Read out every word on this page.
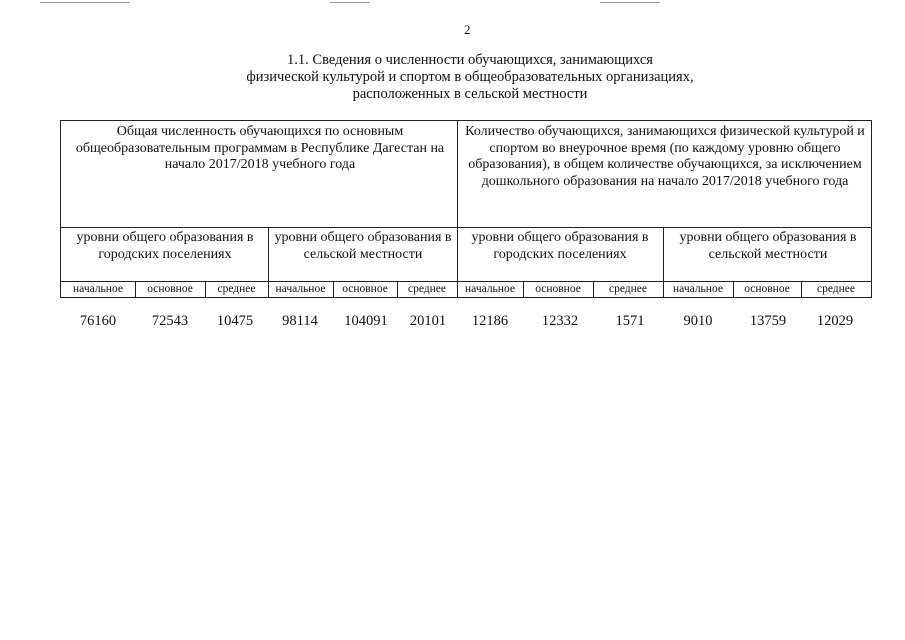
2
1.1. Сведения о численности обучающихся, занимающихся
физической культурой и спортом в общеобразовательных организациях,
расположенных в сельской местности
Общая численность обучающихся по основным общеобразовательным программам в Республике Дагестан на начало 2017/2018 учебного года
Количество обучающихся, занимающихся физической культурой и спортом во внеурочное время (по каждому уровню общего образования), в общем количестве обучающихся, за исключением дошкольного образования на начало 2017/2018 учебного года
уровни общего образования в городских поселениях
уровни общего образования в сельской местности
уровни общего образования в городских поселениях
уровни общего образования в сельской местности
начальное	основное	среднее	начальное	основное	среднее	начальное	основное	среднее	начальное	основное	среднее
76160	72543	10475	98114	104091	20101	12186	12332	1571	9010	13759	12029
